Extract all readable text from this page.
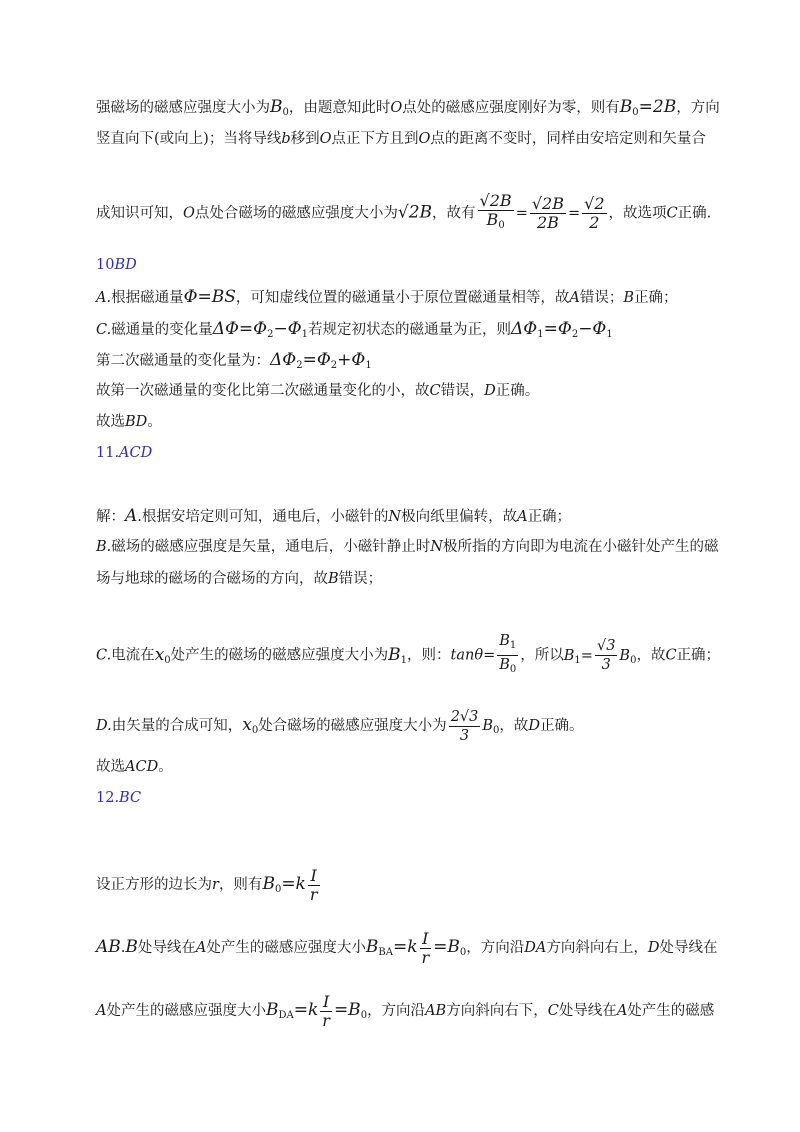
强磁场的磁感应强度大小为$B_0$，由题意知此时O点处的磁感应强度刚好为零，则有$B_0=2B$，方向
竖直向下(或向上)；当将导线b移到O点正下方且到O点的距离不变时，同样由安培定则和矢量合
成知识可知，O点处合磁场的磁感应强度大小为√2B，故有 $\frac{√2B}{B_0} = \frac{√2B}{2B} = \frac{√2}{2}$ ，故选项C正确.
10BD
A.根据磁通量Φ=BS，可知虚线位置的磁通量小于原位置磁通量相等，故A错误；B正确；
C.磁通量的变化量$\Delta\Phi=\Phi_2-\Phi_1$若规定初状态的磁通量为正，则$\Delta\Phi_1=\Phi_2-\Phi_1$
第二次磁通量的变化量为：$\Delta\Phi_2=\Phi_2+\Phi_1$
故第一次磁通量的变化比第二次磁通量变化的小，故C错误，D正确。
故选BD。
11.ACD
解：A.根据安培定则可知，通电后，小磁针的N极向纸里偏转，故A正确；
B.磁场的磁感应强度是矢量，通电后，小磁针静止时N极所指的方向即为电流在小磁针处产生的磁
场与地球的磁场的合磁场的方向，故B错误；
C.电流在$x_0$处产生的磁场的磁感应强度大小为$B_1$，则：$\tan\theta= \frac{B_1}{B_0}$ ，所以$B_1= \frac{√3}{3} B_0$，故C正确；
D.由矢量的合成可知，$x_0$处合磁场的磁感应强度大小为 $\frac{2√3}{3} B_0$，故D正确。
故选ACD。
12.BC
设正方形的边长为r，则有$B_0=k \frac{I}{r}$
AB.B处导线在A处产生的磁感应强度大小$B_{BA}=k \frac{I}{r} =B_0$，方向沿DA方向斜向右上，D处导线在
A处产生的磁感应强度大小$B_{DA}=k \frac{I}{r} =B_0$，方向沿AB方向斜向右下，C处导线在A处产生的磁感
